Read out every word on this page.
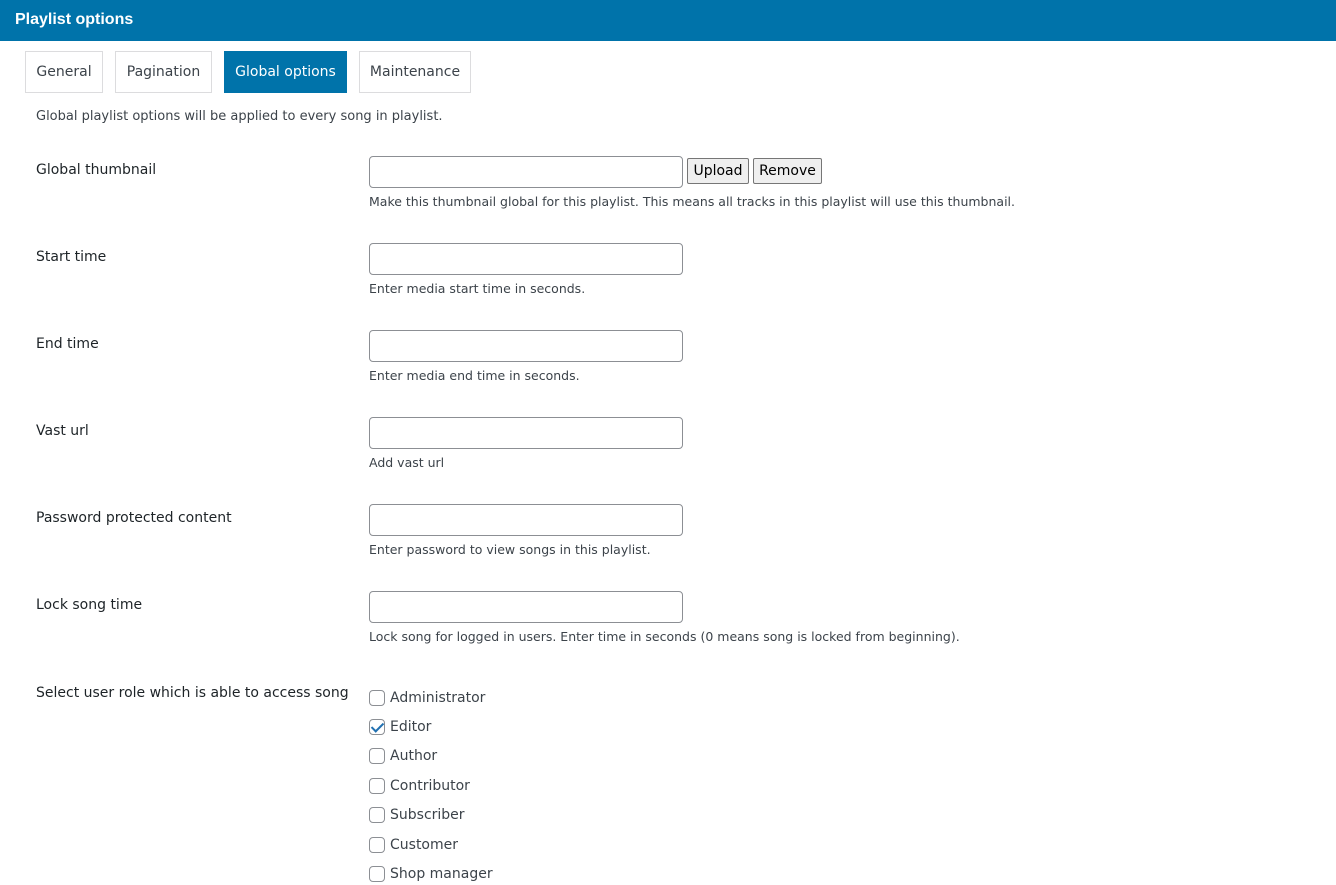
Playlist options
General	Pagination	Global options	Maintenance
Global playlist options will be applied to every song in playlist.
Global thumbnail	Upload	Remove
Make this thumbnail global for this playlist. This means all tracks in this playlist will use this thumbnail.
Start time
Enter media start time in seconds.
End time
Enter media end time in seconds.
Vast url
Add vast url
Password protected content
Enter password to view songs in this playlist.
Lock song time
Lock song for logged in users. Enter time in seconds (0 means song is locked from beginning).
Select user role which is able to access song	Administrator
Editor
Author
Contributor
Subscriber
Customer
Shop manager
